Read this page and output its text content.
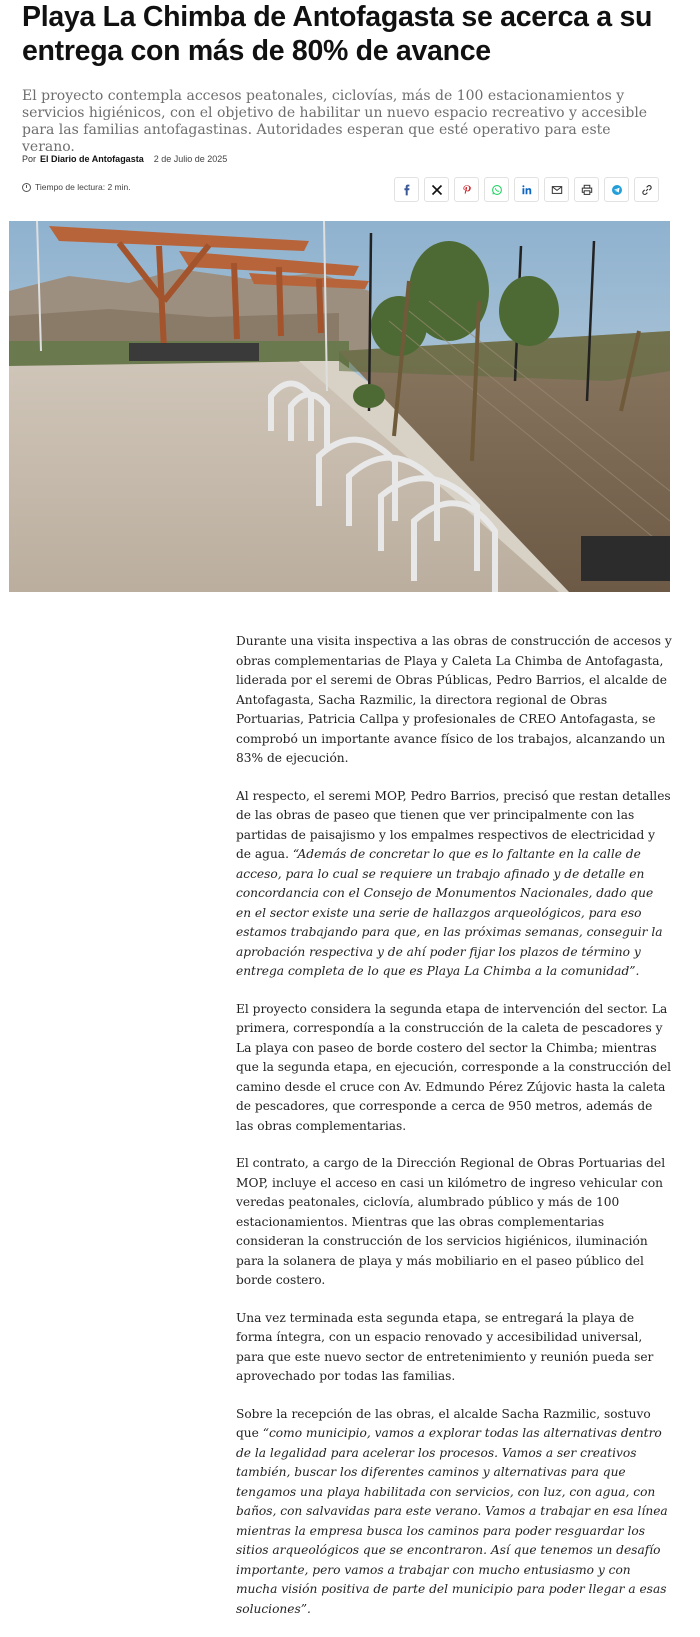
Playa La Chimba de Antofagasta se acerca a su entrega con más de 80% de avance

El proyecto contempla accesos peatonales, ciclovías, más de 100 estacionamientos y servicios higiénicos, con el objetivo de habilitar un nuevo espacio recreativo y accesible para las familias antofagastinas. Autoridades esperan que esté operativo para este verano.

Por El Diario de Antofagasta 2 de Julio de 2025
Tiempo de lectura: 2 min.

Durante una visita inspectiva a las obras de construcción de accesos y obras complementarias de Playa y Caleta La Chimba de Antofagasta, liderada por el seremi de Obras Públicas, Pedro Barrios, el alcalde de Antofagasta, Sacha Razmilic, la directora regional de Obras Portuarias, Patricia Callpa y profesionales de CREO Antofagasta, se comprobó un importante avance físico de los trabajos, alcanzando un 83% de ejecución.

Al respecto, el seremi MOP, Pedro Barrios, precisó que restan detalles de las obras de paseo que tienen que ver principalmente con las partidas de paisajismo y los empalmes respectivos de electricidad y de agua. “Además de concretar lo que es lo faltante en la calle de acceso, para lo cual se requiere un trabajo afinado y de detalle en concordancia con el Consejo de Monumentos Nacionales, dado que en el sector existe una serie de hallazgos arqueológicos, para eso estamos trabajando para que, en las próximas semanas, conseguir la aprobación respectiva y de ahí poder fijar los plazos de término y entrega completa de lo que es Playa La Chimba a la comunidad”.

El proyecto considera la segunda etapa de intervención del sector. La primera, correspondía a la construcción de la caleta de pescadores y La playa con paseo de borde costero del sector la Chimba; mientras que la segunda etapa, en ejecución, corresponde a la construcción del camino desde el cruce con Av. Edmundo Pérez Zújovic hasta la caleta de pescadores, que corresponde a cerca de 950 metros, además de las obras complementarias.

El contrato, a cargo de la Dirección Regional de Obras Portuarias del MOP, incluye el acceso en casi un kilómetro de ingreso vehicular con veredas peatonales, ciclovía, alumbrado público y más de 100 estacionamientos. Mientras que las obras complementarias consideran la construcción de los servicios higiénicos, iluminación para la solanera de playa y más mobiliario en el paseo público del borde costero.

Una vez terminada esta segunda etapa, se entregará la playa de forma íntegra, con un espacio renovado y accesibilidad universal, para que este nuevo sector de entretenimiento y reunión pueda ser aprovechado por todas las familias.

Sobre la recepción de las obras, el alcalde Sacha Razmilic, sostuvo que “como municipio, vamos a explorar todas las alternativas dentro de la legalidad para acelerar los procesos. Vamos a ser creativos también, buscar los diferentes caminos y alternativas para que tengamos una playa habilitada con servicios, con luz, con agua, con baños, con salvavidas para este verano. Vamos a trabajar en esa línea mientras la empresa busca los caminos para poder resguardar los sitios arqueológicos que se encontraron. Así que tenemos un desafío importante, pero vamos a trabajar con mucho entusiasmo y con mucha visión positiva de parte del municipio para poder llegar a esas soluciones”.
